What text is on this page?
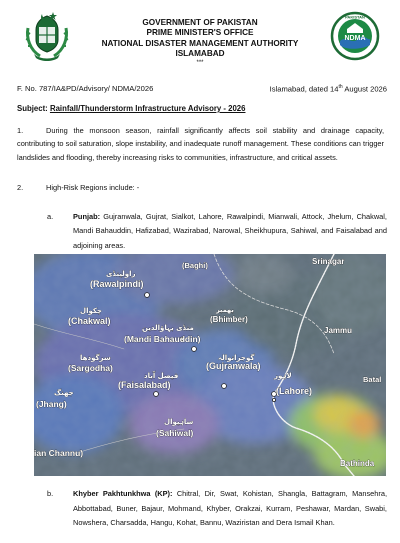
GOVERNMENT OF PAKISTAN
PRIME MINISTER'S OFFICE
NATIONAL DISASTER MANAGEMENT AUTHORITY
ISLAMABAD
***
NDMA
PAKISTAN
F. No. 787/IA&PD/Advisory/ NDMA/2026	Islamabad, dated 14th August 2026
Subject: Rainfall/Thunderstorm Infrastructure Advisory - 2026
1.	During the monsoon season, rainfall significantly affects soil stability and drainage capacity, contributing to soil saturation, slope instability, and inadequate runoff management. These conditions can trigger landslides and flooding, thereby increasing risks to communities, infrastructure, and critical assets.
2.	High-Risk Regions include: -
a.	Punjab: Gujranwala, Gujrat, Sialkot, Lahore, Rawalpindi, Mianwali, Attock, Jhelum, Chakwal, Mandi Bahauddin, Hafizabad, Wazirabad, Narowal, Sheikhupura, Sahiwal, and Faisalabad and adjoining areas.
(Baghi)	Srinagar
راولپنڈی
(Rawalpindi)
چکوال
(Chakwal)
بھمبر
(Bhimber)
Jammu
منڈی بہاؤالدین
(Mandi Bahauddin)
گوجرانوالہ
(Gujranwala)
سرگودھا
(Sargodha)
فیصل آباد
(Faisalabad)
لاہور
(Lahore)
Batal
جھنگ
(Jhang)
ساہیوال
(Sahiwal)
ian Channu)
Bathinda
b.	Khyber Pakhtunkhwa (KP): Chitral, Dir, Swat, Kohistan, Shangla, Battagram, Mansehra, Abbottabad, Buner, Bajaur, Mohmand, Khyber, Orakzai, Kurram, Peshawar, Mardan, Swabi, Nowshera, Charsadda, Hangu, Kohat, Bannu, Waziristan and Dera Ismail Khan.
